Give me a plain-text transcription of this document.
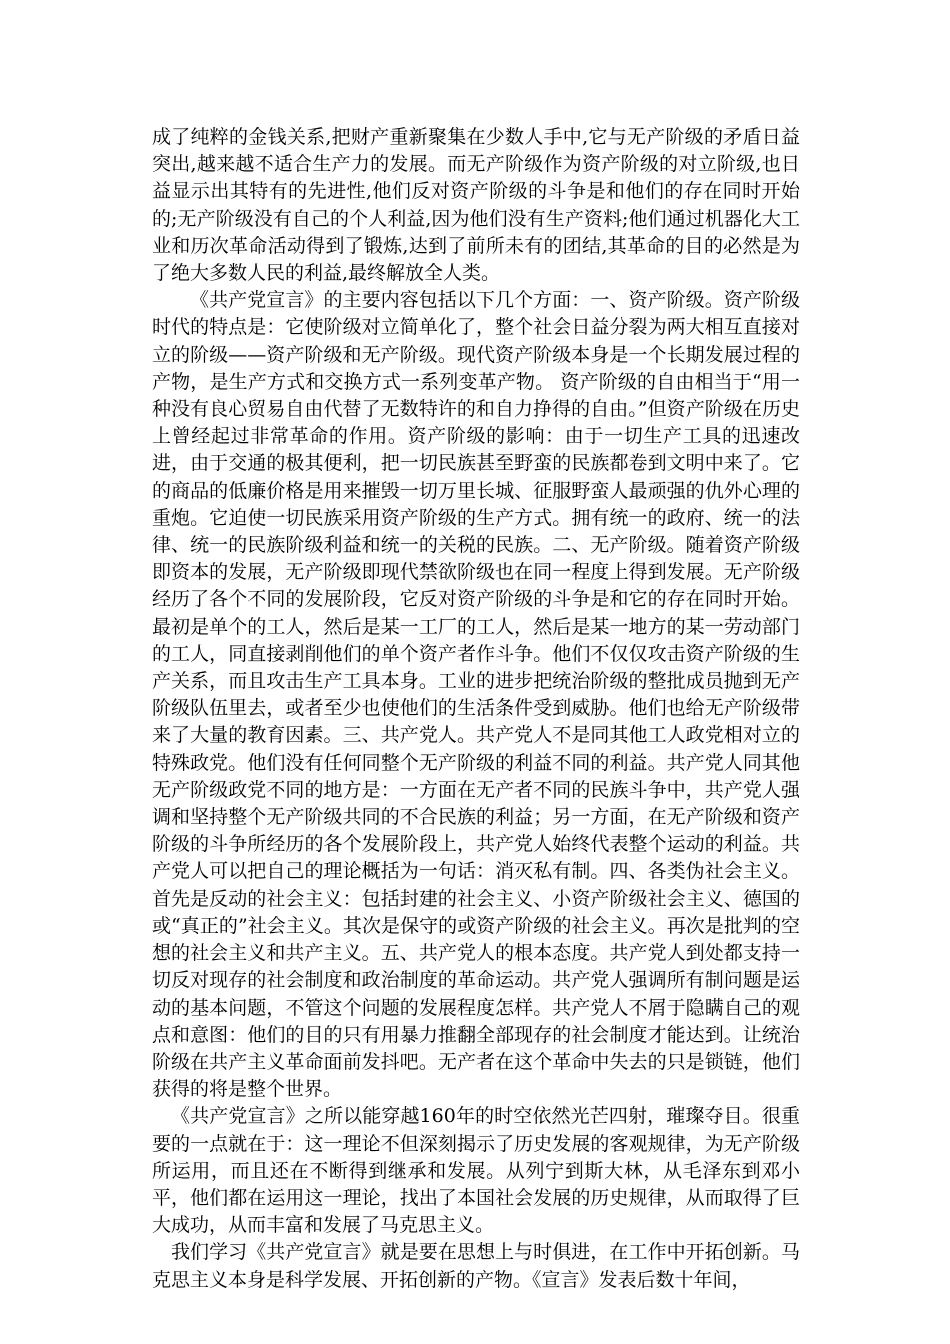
成了纯粹的金钱关系,把财产重新聚集在少数人手中,它与无产阶级的矛盾日益突出,越来越不适合生产力的发展。而无产阶级作为资产阶级的对立阶级,也日益显示出其特有的先进性,他们反对资产阶级的斗争是和他们的存在同时开始的;无产阶级没有自己的个人利益,因为他们没有生产资料;他们通过机器化大工业和历次革命活动得到了锻炼,达到了前所未有的团结,其革命的目的必然是为了绝大多数人民的利益,最终解放全人类。

《共产党宣言》的主要内容包括以下几个方面：一、资产阶级。资产阶级时代的特点是：它使阶级对立简单化了，整个社会日益分裂为两大相互直接对立的阶级——资产阶级和无产阶级。现代资产阶级本身是一个长期发展过程的产物，是生产方式和交换方式一系列变革产物。 资产阶级的自由相当于“用一种没有良心贸易自由代替了无数特许的和自力挣得的自由。”但资产阶级在历史上曾经起过非常革命的作用。资产阶级的影响：由于一切生产工具的迅速改进，由于交通的极其便利，把一切民族甚至野蛮的民族都卷到文明中来了。它的商品的低廉价格是用来摧毁一切万里长城、征服野蛮人最顽强的仇外心理的重炮。它迫使一切民族采用资产阶级的生产方式。拥有统一的政府、统一的法律、统一的民族阶级利益和统一的关税的民族。二、无产阶级。随着资产阶级即资本的发展，无产阶级即现代禁欲阶级也在同一程度上得到发展。无产阶级经历了各个不同的发展阶段，它反对资产阶级的斗争是和它的存在同时开始。最初是单个的工人，然后是某一工厂的工人，然后是某一地方的某一劳动部门的工人，同直接剥削他们的单个资产者作斗争。他们不仅仅攻击资产阶级的生产关系，而且攻击生产工具本身。工业的进步把统治阶级的整批成员抛到无产阶级队伍里去，或者至少也使他们的生活条件受到威胁。他们也给无产阶级带来了大量的教育因素。三、共产党人。共产党人不是同其他工人政党相对立的特殊政党。他们没有任何同整个无产阶级的利益不同的利益。共产党人同其他无产阶级政党不同的地方是：一方面在无产者不同的民族斗争中，共产党人强调和坚持整个无产阶级共同的不合民族的利益；另一方面，在无产阶级和资产阶级的斗争所经历的各个发展阶段上，共产党人始终代表整个运动的利益。共产党人可以把自己的理论概括为一句话：消灭私有制。四、各类伪社会主义。首先是反动的社会主义：包括封建的社会主义、小资产阶级社会主义、德国的或“真正的”社会主义。其次是保守的或资产阶级的社会主义。再次是批判的空想的社会主义和共产主义。五、共产党人的根本态度。共产党人到处都支持一切反对现存的社会制度和政治制度的革命运动。共产党人强调所有制问题是运动的基本问题，不管这个问题的发展程度怎样。共产党人不屑于隐瞒自己的观点和意图：他们的目的只有用暴力推翻全部现存的社会制度才能达到。让统治阶级在共产主义革命面前发抖吧。无产者在这个革命中失去的只是锁链，他们获得的将是整个世界。

《共产党宣言》之所以能穿越160年的时空依然光芒四射，璀璨夺目。很重要的一点就在于：这一理论不但深刻揭示了历史发展的客观规律，为无产阶级所运用，而且还在不断得到继承和发展。从列宁到斯大林，从毛泽东到邓小平，他们都在运用这一理论，找出了本国社会发展的历史规律，从而取得了巨大成功，从而丰富和发展了马克思主义。

我们学习《共产党宣言》就是要在思想上与时俱进，在工作中开拓创新。马克思主义本身是科学发展、开拓创新的产物。《宣言》发表后数十年间，
